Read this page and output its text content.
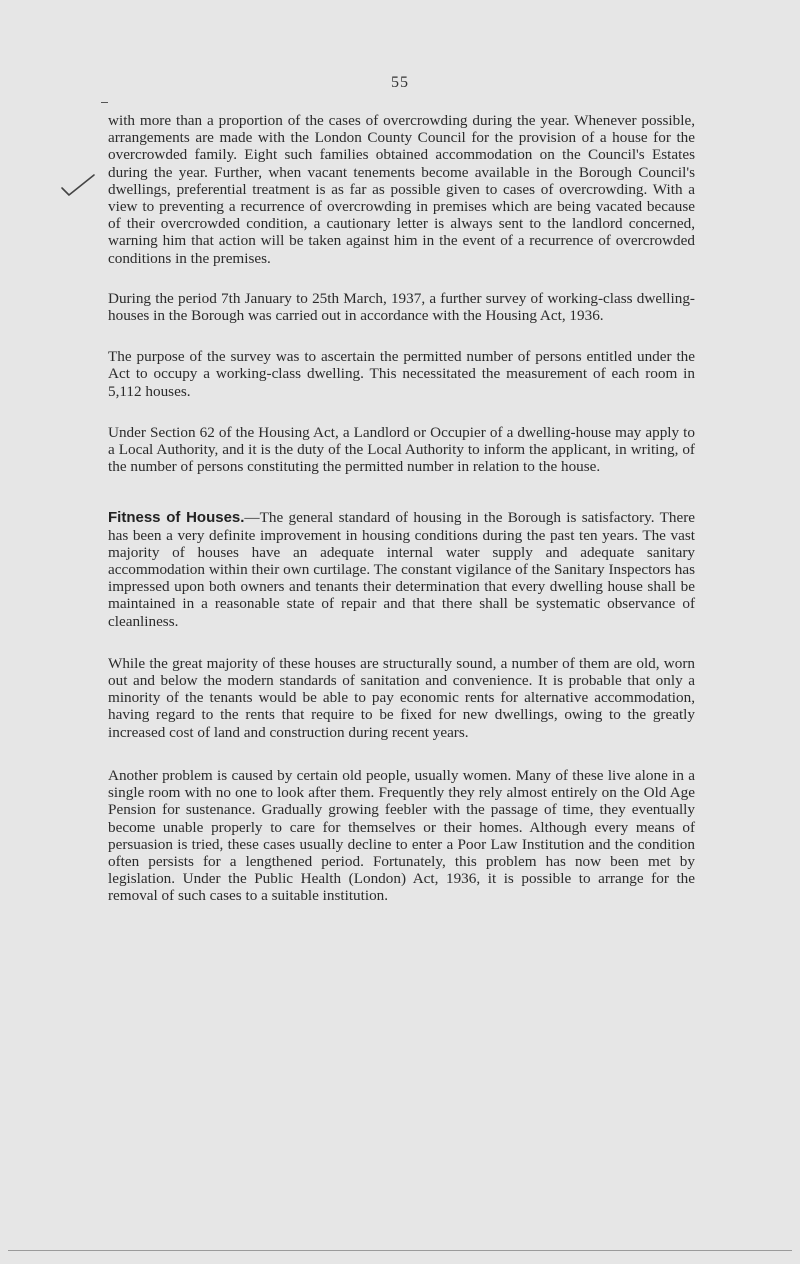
55

with more than a proportion of the cases of overcrowding during the year. Whenever possible, arrangements are made with the London County Council for the provision of a house for the overcrowded family. Eight such families obtained accommodation on the Council's Estates during the year. Further, when vacant tenements become available in the Borough Council's dwellings, preferential treatment is as far as possible given to cases of overcrowding. With a view to preventing a recurrence of overcrowding in premises which are being vacated because of their overcrowded condition, a cautionary letter is always sent to the landlord concerned, warning him that action will be taken against him in the event of a recurrence of overcrowded conditions in the premises.

During the period 7th January to 25th March, 1937, a further survey of working-class dwelling-houses in the Borough was carried out in accordance with the Housing Act, 1936.

The purpose of the survey was to ascertain the permitted number of persons entitled under the Act to occupy a working-class dwelling. This necessitated the measurement of each room in 5,112 houses.

Under Section 62 of the Housing Act, a Landlord or Occupier of a dwelling-house may apply to a Local Authority, and it is the duty of the Local Authority to inform the applicant, in writing, of the number of persons constituting the permitted number in relation to the house.

Fitness of Houses.—The general standard of housing in the Borough is satisfactory. There has been a very definite improvement in housing conditions during the past ten years. The vast majority of houses have an adequate internal water supply and adequate sanitary accommodation within their own curtilage. The constant vigilance of the Sanitary Inspectors has impressed upon both owners and tenants their determination that every dwelling house shall be maintained in a reasonable state of repair and that there shall be systematic observance of cleanliness.

While the great majority of these houses are structurally sound, a number of them are old, worn out and below the modern standards of sanitation and convenience. It is probable that only a minority of the tenants would be able to pay economic rents for alternative accommodation, having regard to the rents that require to be fixed for new dwellings, owing to the greatly increased cost of land and construction during recent years.

Another problem is caused by certain old people, usually women. Many of these live alone in a single room with no one to look after them. Frequently they rely almost entirely on the Old Age Pension for sustenance. Gradually growing feebler with the passage of time, they eventually become unable properly to care for themselves or their homes. Although every means of persuasion is tried, these cases usually decline to enter a Poor Law Institution and the condition often persists for a lengthened period. Fortunately, this problem has now been met by legislation. Under the Public Health (London) Act, 1936, it is possible to arrange for the removal of such cases to a suitable institution.
